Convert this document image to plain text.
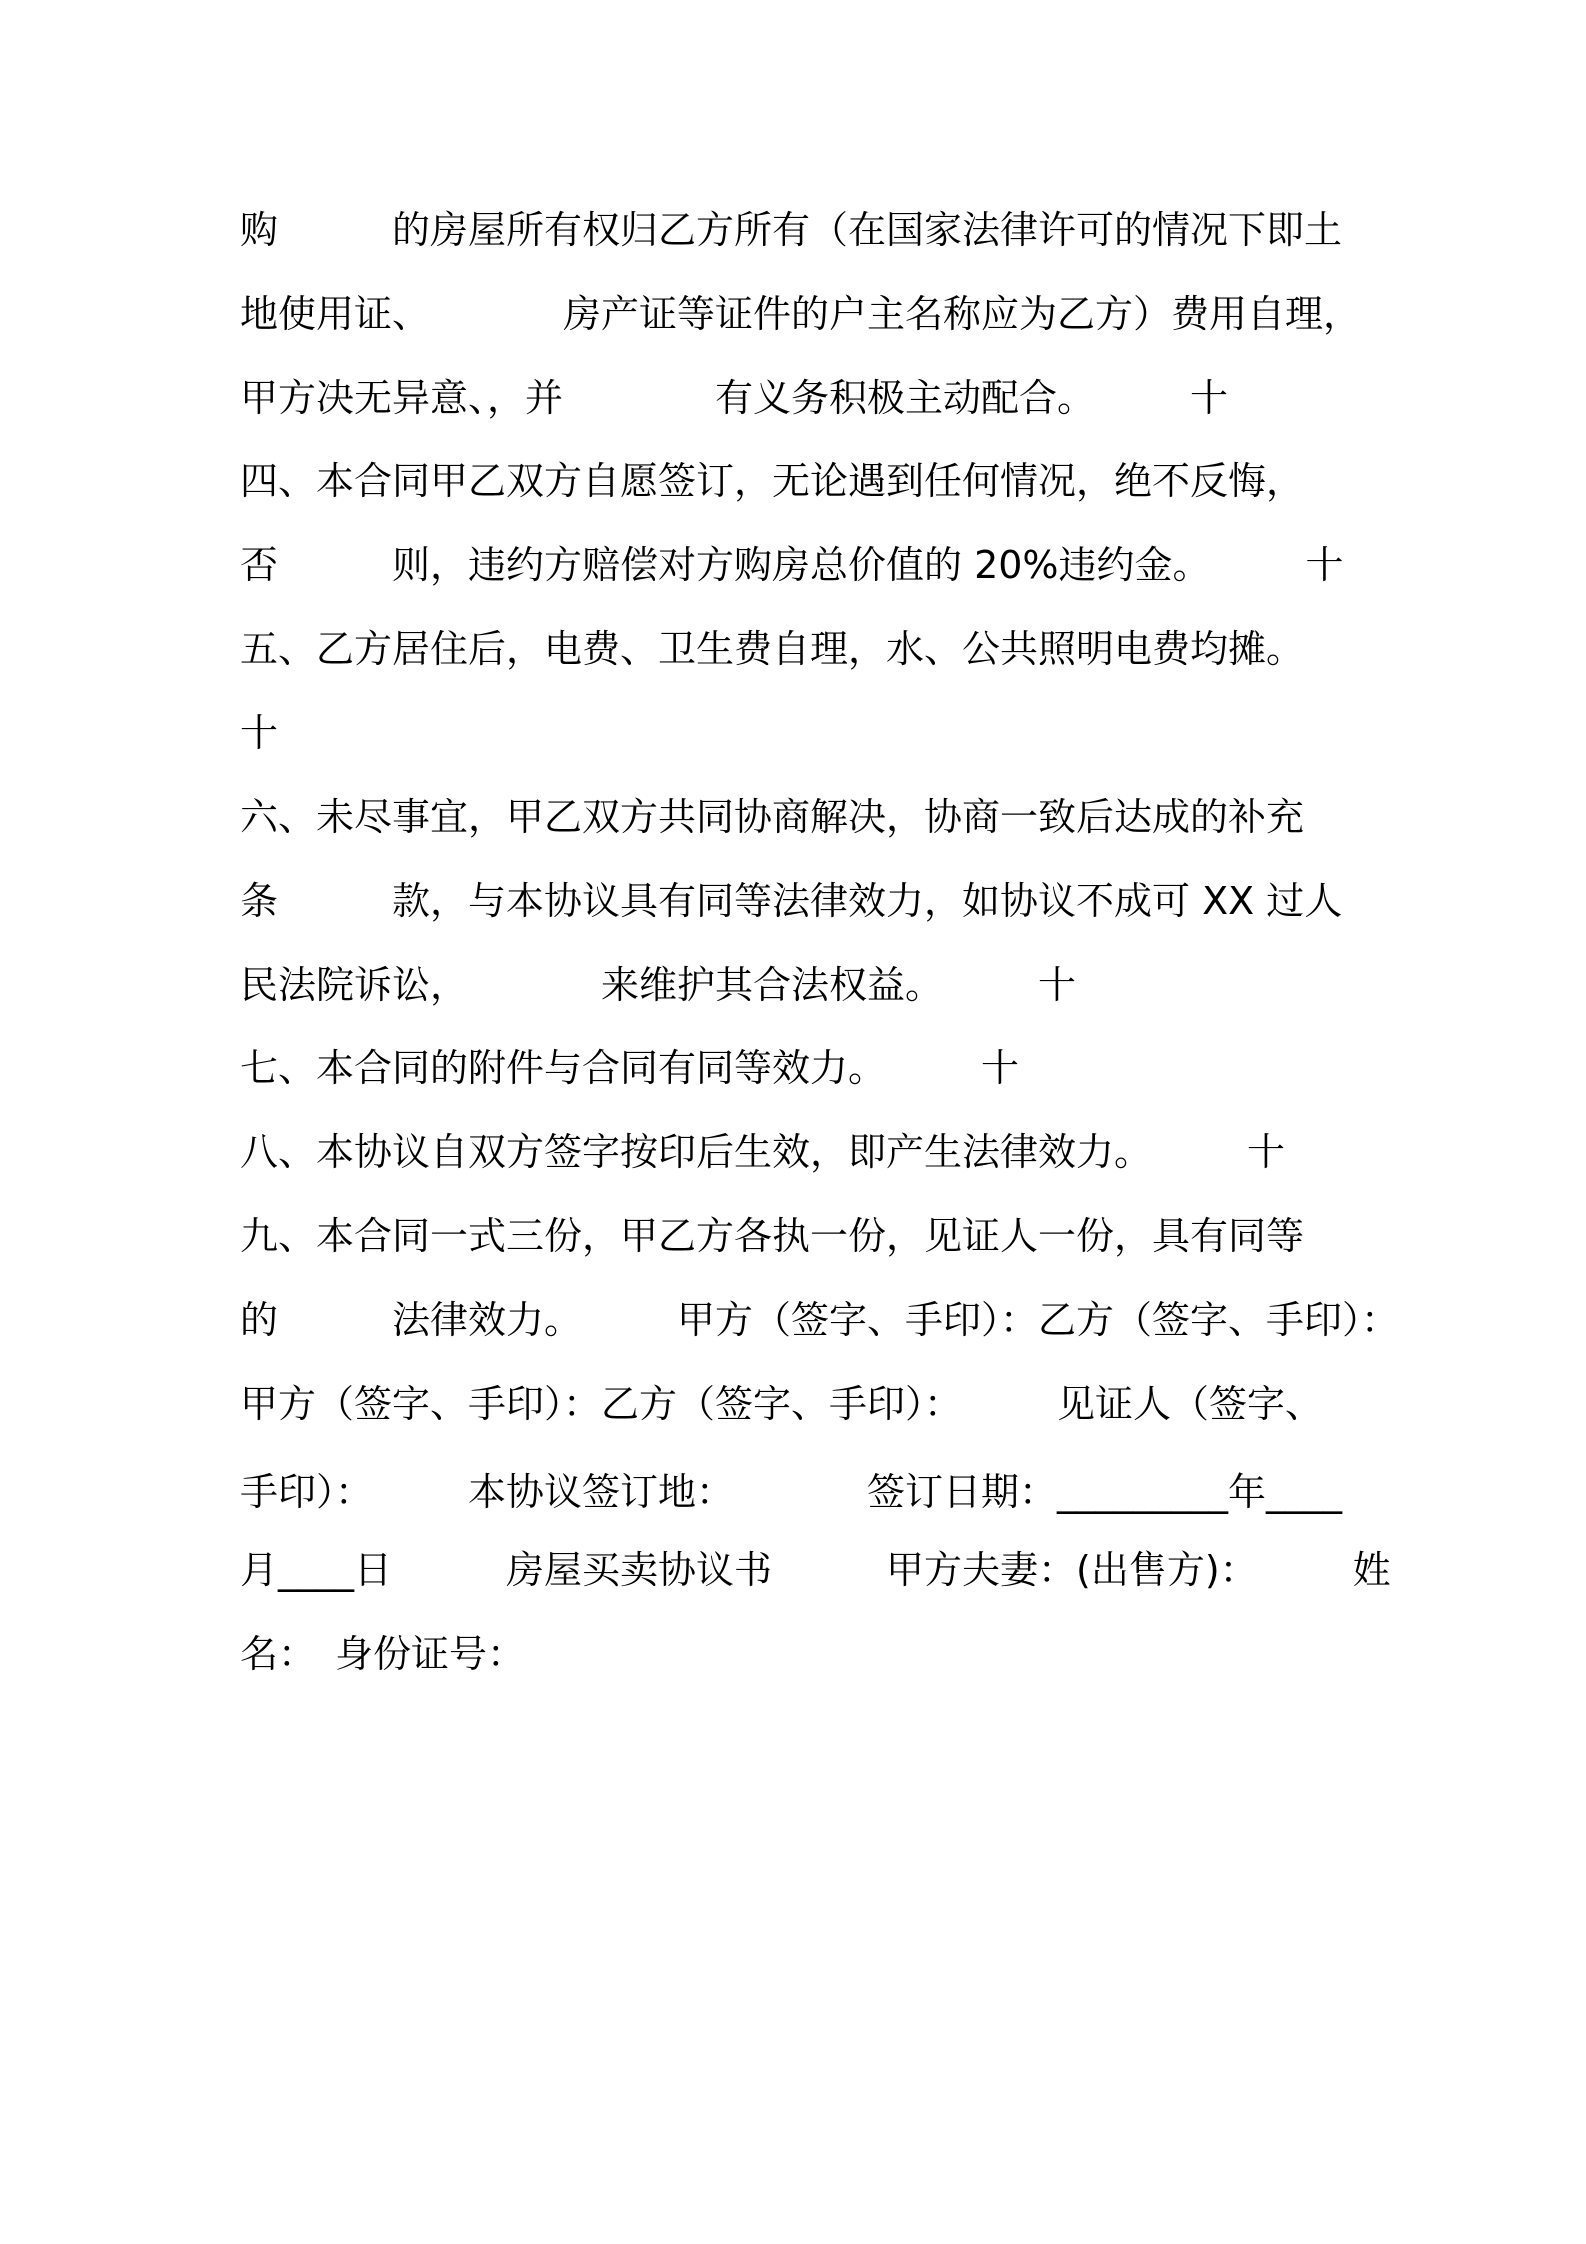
购　　　的房屋所有权归乙方所有（在国家法律许可的情况下即土
地使用证、　　　　房产证等证件的户主名称应为乙方）费用自理，
甲方决无异意、，并　　　　有义务积极主动配合。　　　十
四、本合同甲乙双方自愿签订，无论遇到任何情况，绝不反悔，
否　　　则，违约方赔偿对方购房总价值的 20%违约金。　　　十
五、乙方居住后，电费、卫生费自理，水、公共照明电费均摊。
十
六、未尽事宜，甲乙双方共同协商解决，协商一致后达成的补充
条　　　款，与本协议具有同等法律效力，如协议不成可 XX 过人
民法院诉讼，　　　　来维护其合法权益。　　　十
七、本合同的附件与合同有同等效力。　　　十
八、本协议自双方签字按印后生效，即产生法律效力。　　　十
九、本合同一式三份，甲乙方各执一份，见证人一份，具有同等
的　　　法律效力。　　　甲方（签字、手印）：乙方（签字、手印）：
甲方（签字、手印）：乙方（签字、手印）：　　　见证人（签字、
手印）：　　　本协议签订地：　　　　签订日期：_________年____
月____日　　　房屋买卖协议书　　　甲方夫妻：(出售方)：　　　姓
名：　身份证号：
